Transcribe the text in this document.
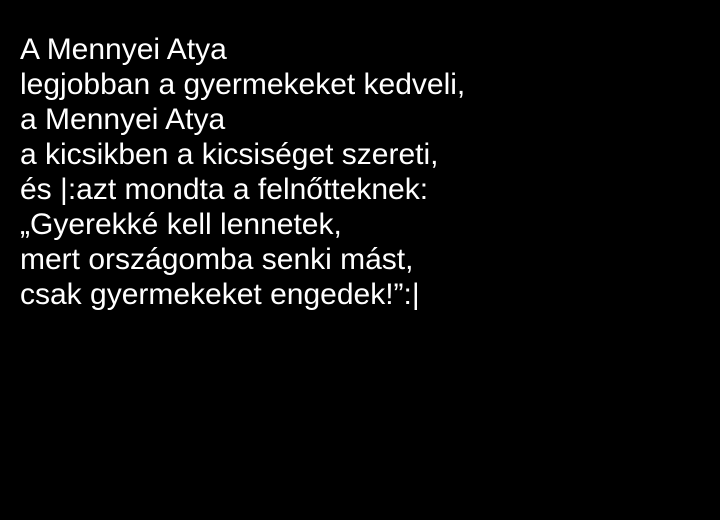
A Mennyei Atya
legjobban a gyermekeket kedveli,
a Mennyei Atya
a kicsikben a kicsiséget szereti,
és |:azt mondta a felnőtteknek:
„Gyerekké kell lennetek,
mert országomba senki mást,
csak gyermekeket engedek!”:|
